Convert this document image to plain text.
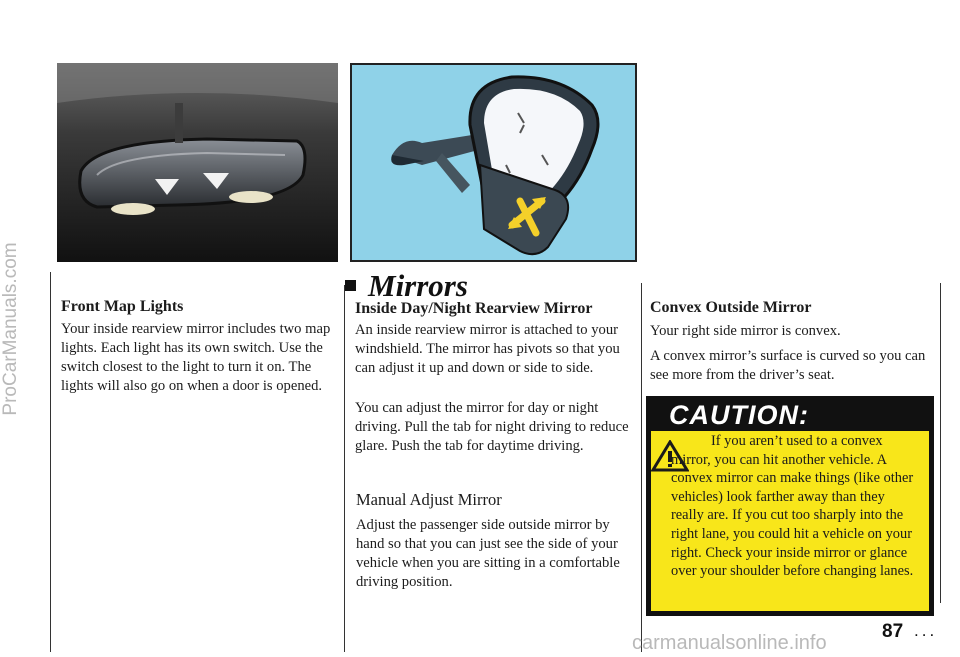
ProCarManuals.com	Mirrors
Front Map Lights

Your inside rearview mirror includes two map lights. Each light has its own switch. Use the switch closest to the light to turn it on. The lights will also go on when a door is opened.

Inside Day/Night Rearview Mirror

An inside rearview mirror is attached to your windshield. The mirror has pivots so that you can adjust it up and down or side to side.

You can adjust the mirror for day or night driving. Pull the tab for night driving to reduce glare. Push the tab for daytime driving.

Manual Adjust Mirror

Adjust the passenger side outside mirror by hand so that you can just see the side of your vehicle when you are sitting in a comfortable driving position.

Convex Outside Mirror

Your right side mirror is convex.

A convex mirror’s surface is curved so you can see more from the driver’s seat.

CAUTION:
If you aren’t used to a convex mirror, you can hit another vehicle. A convex mirror can make things (like other vehicles) look farther away than they really are. If you cut too sharply into the right lane, you could hit a vehicle on your right. Check your inside mirror or glance over your shoulder before changing lanes.
87 ...
carmanualsonline.info
